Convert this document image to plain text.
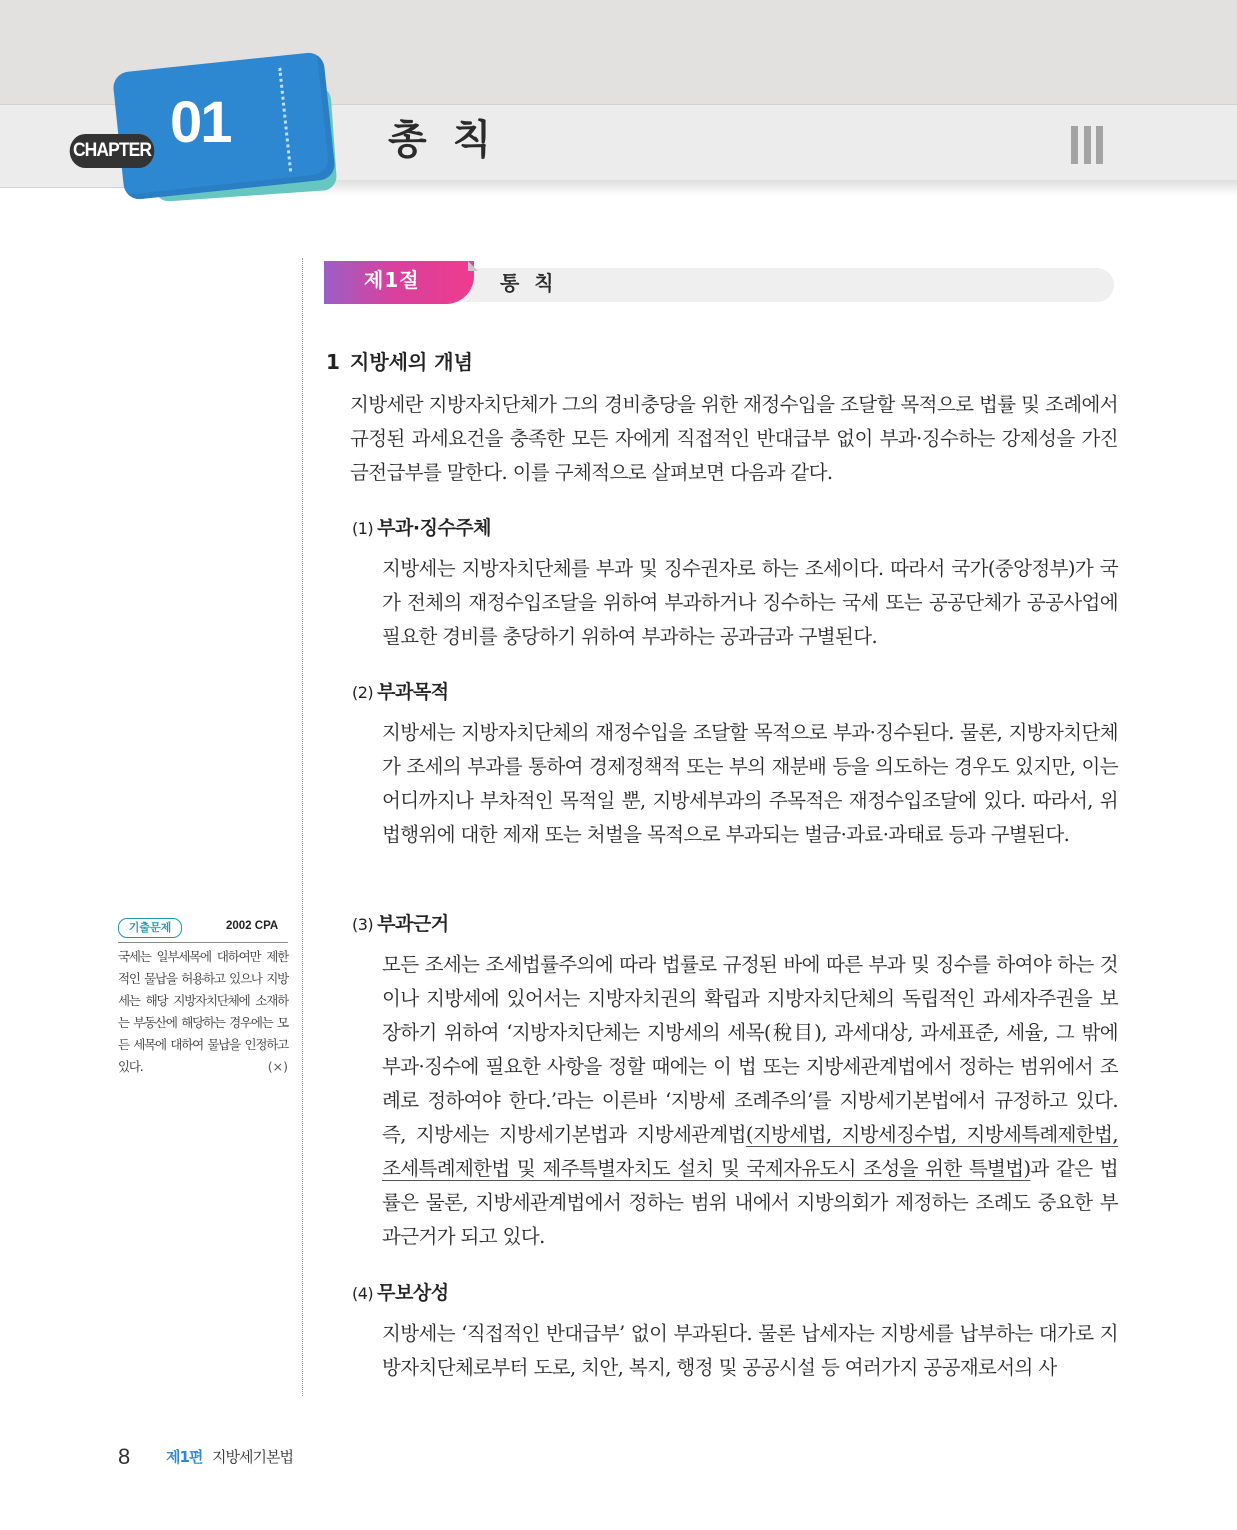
CHAPTER 01	총 칙
제1절	통 칙
1 지방세의 개념

지방세란 지방자치단체가 그의 경비충당을 위한 재정수입을 조달할 목적으로 법률 및 조례에서 규정된 과세요건을 충족한 모든 자에게 직접적인 반대급부 없이 부과·징수하는 강제성을 가진 금전급부를 말한다. 이를 구체적으로 살펴보면 다음과 같다.

(1) 부과·징수주체

지방세는 지방자치단체를 부과 및 징수권자로 하는 조세이다. 따라서 국가(중앙정부)가 국가 전체의 재정수입조달을 위하여 부과하거나 징수하는 국세 또는 공공단체가 공공사업에 필요한 경비를 충당하기 위하여 부과하는 공과금과 구별된다.

(2) 부과목적

지방세는 지방자치단체의 재정수입을 조달할 목적으로 부과·징수된다. 물론, 지방자치단체가 조세의 부과를 통하여 경제정책적 또는 부의 재분배 등을 의도하는 경우도 있지만, 이는 어디까지나 부차적인 목적일 뿐, 지방세부과의 주목적은 재정수입조달에 있다. 따라서, 위법행위에 대한 제재 또는 처벌을 목적으로 부과되는 벌금·과료·과태료 등과 구별된다.

(3) 부과근거

모든 조세는 조세법률주의에 따라 법률로 규정된 바에 따른 부과 및 징수를 하여야 하는 것이나 지방세에 있어서는 지방자치권의 확립과 지방자치단체의 독립적인 과세자주권을 보장하기 위하여 ‘지방자치단체는 지방세의 세목(稅目), 과세대상, 과세표준, 세율, 그 밖에 부과·징수에 필요한 사항을 정할 때에는 이 법 또는 지방세관계법에서 정하는 범위에서 조례로 정하여야 한다.’라는 이른바 ‘지방세 조례주의’를 지방세기본법에서 규정하고 있다. 즉, 지방세는 지방세기본법과 지방세관계법(지방세법, 지방세징수법, 지방세특례제한법, 조세특례제한법 및 제주특별자치도 설치 및 국제자유도시 조성을 위한 특별법)과 같은 법률은 물론, 지방세관계법에서 정하는 범위 내에서 지방의회가 제정하는 조례도 중요한 부과근거가 되고 있다.

(4) 무보상성

지방세는 ‘직접적인 반대급부’ 없이 부과된다. 물론 납세자는 지방세를 납부하는 대가로 지방자치단체로부터 도로, 치안, 복지, 행정 및 공공시설 등 여러가지 공공재로서의 사

기출문제	2002 CPA

국세는 일부세목에 대하여만 제한적인 물납을 허용하고 있으나 지방세는 해당 지방자치단체에 소재하는 부동산에 해당하는 경우에는 모든 세목에 대하여 물납을 인정하고 있다.	(×)

8 제1편 지방세기본법
